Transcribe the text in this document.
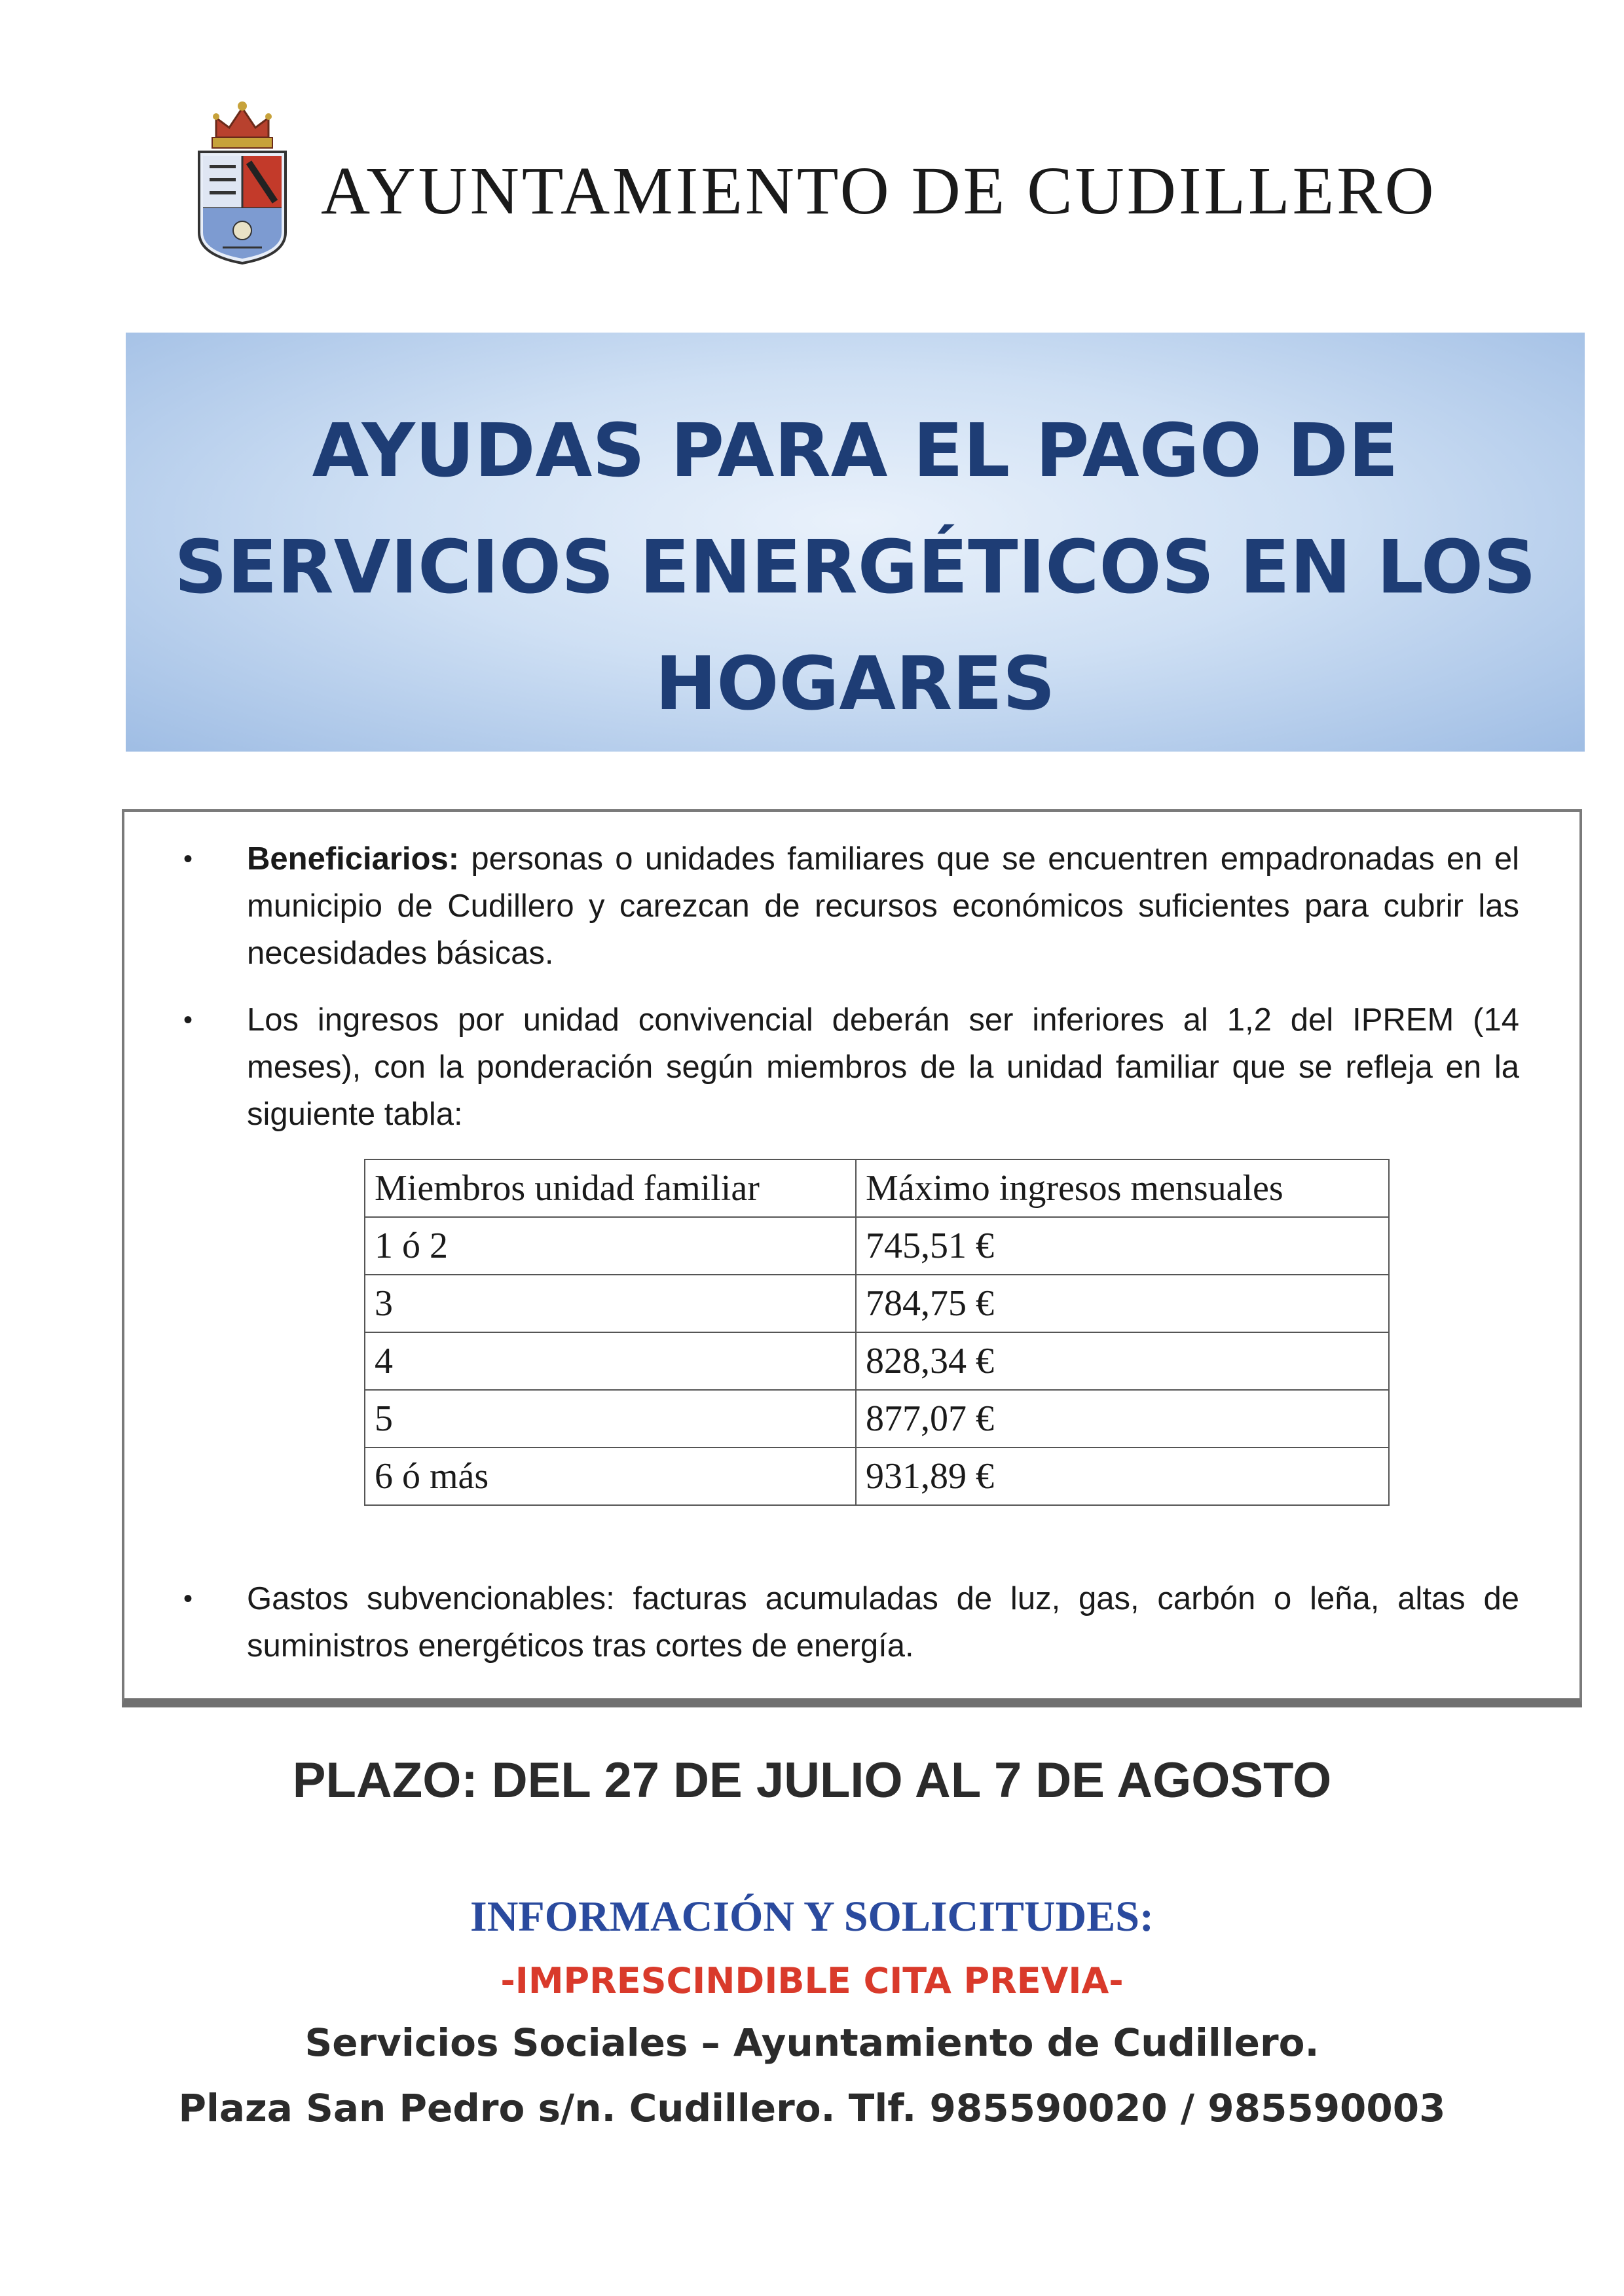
AYUNTAMIENTO DE CUDILLERO

AYUDAS PARA EL PAGO DE

SERVICIOS ENERGÉTICOS EN LOS

HOGARES

•	Beneficiarios: personas o unidades familiares que se encuentren empadronadas en el municipio de Cudillero y carezcan de recursos económicos suficientes para cubrir las necesidades básicas.
•	Los ingresos por unidad convivencial deberán ser inferiores al 1,2 del IPREM (14 meses), con la ponderación según miembros de la unidad familiar que se refleja en la siguiente tabla:
Miembros unidad familiar	Máximo ingresos mensuales
1 ó 2	745,51 €
3	784,75 €
4	828,34 €
5	877,07 €
6 ó más	931,89 €
•	Gastos subvencionables: facturas acumuladas de luz, gas, carbón o leña, altas de suministros energéticos tras cortes de energía.
PLAZO: DEL 27 DE JULIO AL 7 DE AGOSTO
INFORMACIÓN Y SOLICITUDES:
-IMPRESCINDIBLE CITA PREVIA-
Servicios Sociales – Ayuntamiento de Cudillero.
Plaza San Pedro s/n. Cudillero. Tlf. 985590020 / 985590003
